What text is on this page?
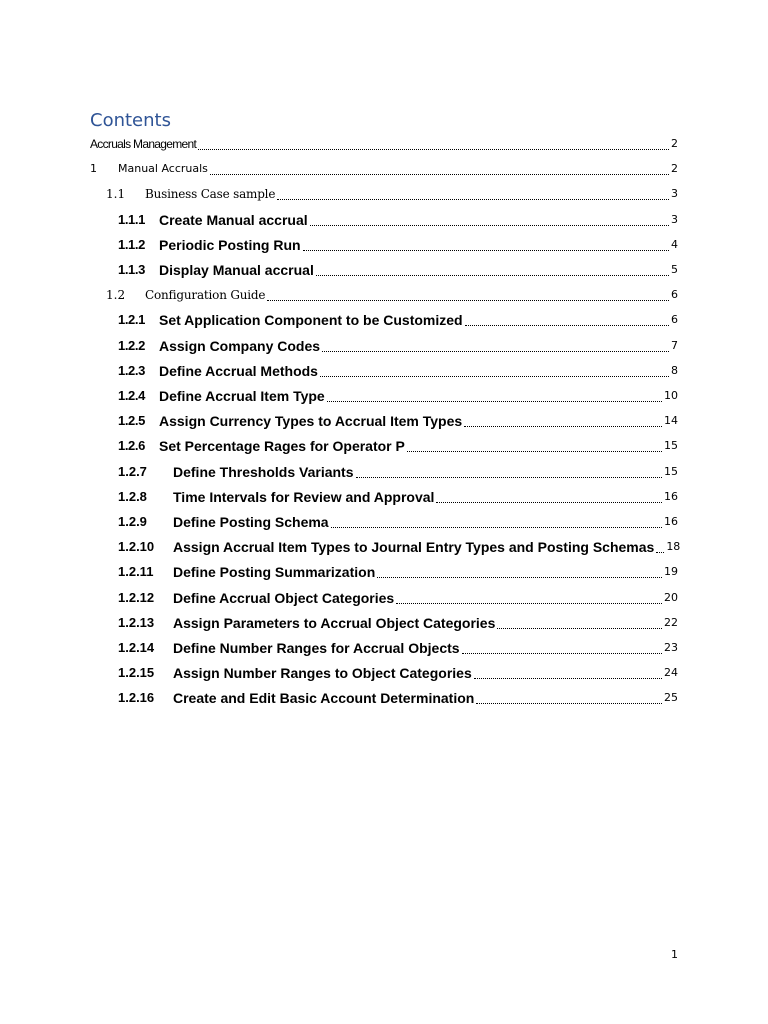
Contents
Accruals Management	2
1	Manual Accruals	2
1.1	Business Case sample	3
1.1.1	Create Manual accrual	3
1.1.2	Periodic Posting Run	4
1.1.3	Display Manual accrual	5
1.2	Configuration Guide	6
1.2.1	Set Application Component to be Customized	6
1.2.2	Assign Company Codes	7
1.2.3	Define Accrual Methods	8
1.2.4	Define Accrual Item Type	10
1.2.5	Assign Currency Types to Accrual Item Types	14
1.2.6	Set Percentage Rages for Operator P	15
1.2.7	Define Thresholds Variants	15
1.2.8	Time Intervals for Review and Approval	16
1.2.9	Define Posting Schema	16
1.2.10	Assign Accrual Item Types to Journal Entry Types and Posting Schemas 18
1.2.11	Define Posting Summarization	19
1.2.12	Define Accrual Object Categories	20
1.2.13	Assign Parameters to Accrual Object Categories	22
1.2.14	Define Number Ranges for Accrual Objects	23
1.2.15	Assign Number Ranges to Object Categories	24
1.2.16	Create and Edit Basic Account Determination	25
1
